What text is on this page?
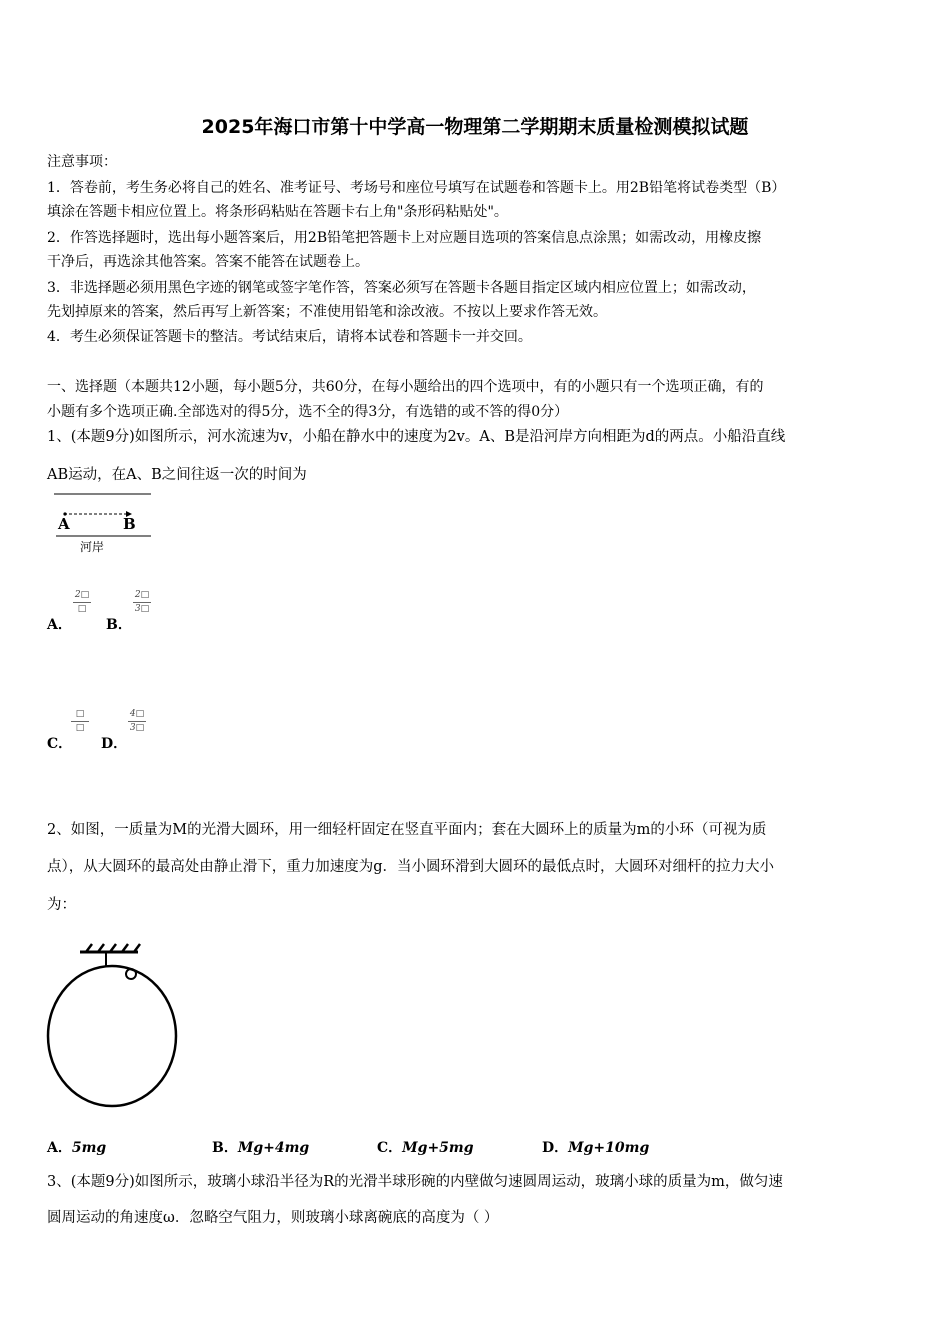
2025年海口市第十中学高一物理第二学期期末质量检测模拟试题
注意事项：
1．答卷前，考生务必将自己的姓名、准考证号、考场号和座位号填写在试题卷和答题卡上。用2B铅笔将试卷类型（B）
填涂在答题卡相应位置上。将条形码粘贴在答题卡右上角"条形码粘贴处"。
2．作答选择题时，选出每小题答案后，用2B铅笔把答题卡上对应题目选项的答案信息点涂黑；如需改动，用橡皮擦
干净后，再选涂其他答案。答案不能答在试题卷上。
3．非选择题必须用黑色字迹的钢笔或签字笔作答，答案必须写在答题卡各题目指定区域内相应位置上；如需改动，
先划掉原来的答案，然后再写上新答案；不准使用铅笔和涂改液。不按以上要求作答无效。
4．考生必须保证答题卡的整洁。考试结束后，请将本试卷和答题卡一并交回。
一、选择题（本题共12小题，每小题5分，共60分，在每小题给出的四个选项中，有的小题只有一个选项正确，有的
小题有多个选项正确.全部选对的得5分，选不全的得3分，有选错的或不答的得0分）
1、(本题9分)如图所示，河水流速为v，小船在静水中的速度为2v。A、B是沿河岸方向相距为d的两点。小船沿直线
AB运动，在A、B之间往返一次的时间为
A	B
河岸
2□
□
A．
2□
3□
B．
□
□
C．
4□
3□
D．
2、如图，一质量为M的光滑大圆环，用一细轻杆固定在竖直平面内；套在大圆环上的质量为m的小环（可视为质
点），从大圆环的最高处由静止滑下，重力加速度为g．当小圆环滑到大圆环的最低点时，大圆环对细杆的拉力大小
为：
A．5mg	B．Mg+4mg	C．Mg+5mg	D．Mg+10mg
3、(本题9分)如图所示，玻璃小球沿半径为R的光滑半球形碗的内壁做匀速圆周运动，玻璃小球的质量为m，做匀速
圆周运动的角速度ω．忽略空气阻力，则玻璃小球离碗底的高度为（ ）
